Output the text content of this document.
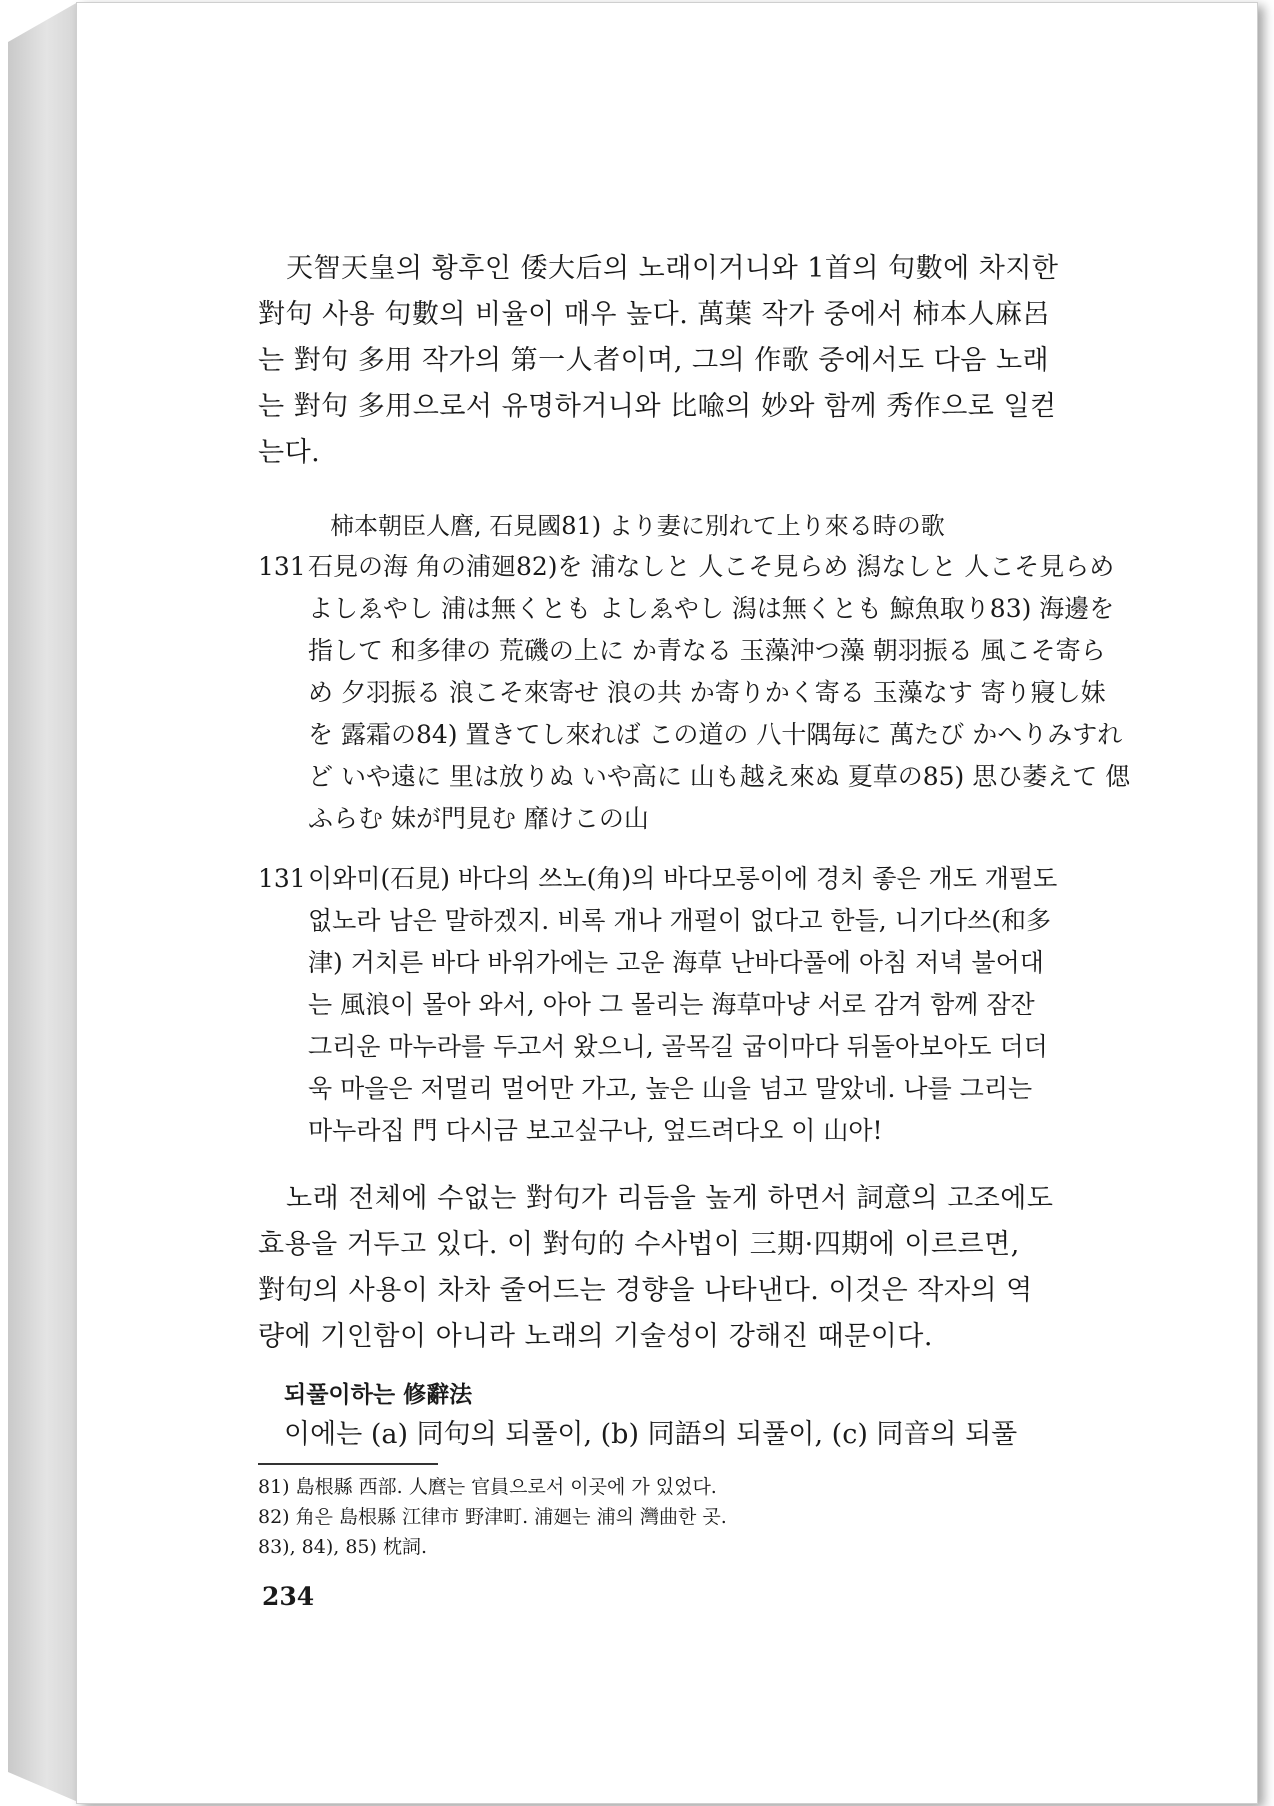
天智天皇의 황후인 倭大后의 노래이거니와 1首의 句數에 차지한
對句 사용 句數의 비율이 매우 높다. 萬葉 작가 중에서 柿本人麻呂
는 對句 多用 작가의 第一人者이며, 그의 作歌 중에서도 다음 노래
는 對句 多用으로서 유명하거니와 比喩의 妙와 함께 秀作으로 일컫
는다.
柿本朝臣人麿, 石見國81) より妻に別れて上り來る時の歌
131石見の海 角の浦廻82)を 浦なしと 人こそ見らめ 潟なしと 人こそ見らめ
よしゑやし 浦は無くとも よしゑやし 潟は無くとも 鯨魚取り83) 海邊を
指して 和多律の 荒磯の上に か青なる 玉藻沖つ藻 朝羽振る 風こそ寄ら
め 夕羽振る 浪こそ來寄せ 浪の共 か寄りかく寄る 玉藻なす 寄り寢し妹
を 露霜の84) 置きてし來れば この道の 八十隅毎に 萬たび かへりみすれ
ど いや遠に 里は放りぬ いや高に 山も越え來ぬ 夏草の85) 思ひ萎えて 偲
ふらむ 妹が門見む 靡けこの山
131이와미(石見) 바다의 쓰노(角)의 바다모롱이에 경치 좋은 개도 개펄도
없노라 남은 말하겠지. 비록 개나 개펄이 없다고 한들, 니기다쓰(和多
津) 거치른 바다 바위가에는 고운 海草 난바다풀에 아침 저녁 불어대
는 風浪이 몰아 와서, 아아 그 몰리는 海草마냥 서로 감겨 함께 잠잔
그리운 마누라를 두고서 왔으니, 골목길 굽이마다 뒤돌아보아도 더더
욱 마을은 저멀리 멀어만 가고, 높은 山을 넘고 말았네. 나를 그리는
마누라집 門 다시금 보고싶구나, 엎드려다오 이 山아!
노래 전체에 수없는 對句가 리듬을 높게 하면서 詞意의 고조에도
효용을 거두고 있다. 이 對句的 수사법이 三期·四期에 이르르면,
對句의 사용이 차차 줄어드는 경향을 나타낸다. 이것은 작자의 역
량에 기인함이 아니라 노래의 기술성이 강해진 때문이다.
되풀이하는 修辭法
이에는 (a) 同句의 되풀이, (b) 同語의 되풀이, (c) 同音의 되풀
81) 島根縣 西部. 人麿는 官員으로서 이곳에 가 있었다.
82) 角은 島根縣 江律市 野津町. 浦廻는 浦의 灣曲한 곳.
83), 84), 85) 枕詞.
234
